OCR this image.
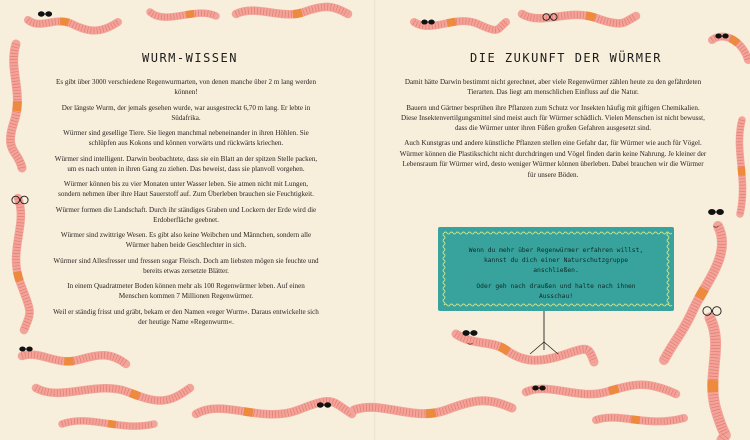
WURM-WISSEN

Es gibt über 3000 verschiedene Regenwurmarten, von denen manche über 2 m lang werden können!

Der längste Wurm, der jemals gesehen wurde, war ausgestreckt 6,70 m lang. Er lebte in Südafrika.

Würmer sind gesellige Tiere. Sie liegen manchmal nebeneinander in ihren Höhlen. Sie schlüpfen aus Kokons und können vorwärts und rückwärts kriechen.

Würmer sind intelligent. Darwin beobachtete, dass sie ein Blatt an der spitzen Stelle packen, um es nach unten in ihren Gang zu ziehen. Das beweist, dass sie planvoll vorgehen.

Würmer können bis zu vier Monaten unter Wasser leben. Sie atmen nicht mit Lungen, sondern nehmen über ihre Haut Sauerstoff auf. Zum Überleben brauchen sie Feuchtigkeit.

Würmer formen die Landschaft. Durch ihr ständiges Graben und Lockern der Erde wird die Erdoberfläche geebnet.

Würmer sind zwittrige Wesen. Es gibt also keine Weibchen und Männchen, sondern alle Würmer haben beide Geschlechter in sich.

Würmer sind Allesfresser und fressen sogar Fleisch. Doch am liebsten mögen sie feuchte und bereits etwas zersetzte Blätter.

In einem Quadratmeter Boden können mehr als 100 Regenwürmer leben. Auf einen Menschen kommen 7 Millionen Regenwürmer.

Weil er ständig frisst und gräbt, bekam er den Namen »reger Wurm«. Daraus entwickelte sich der heutige Name »Regenwurm«.

DIE ZUKUNFT DER WÜRMER

Damit hätte Darwin bestimmt nicht gerechnet, aber viele Regenwürmer zählen heute zu den gefährdeten Tierarten. Das liegt am menschlichen Einfluss auf die Natur.

Bauern und Gärtner besprühen ihre Pflanzen zum Schutz vor Insekten häufig mit giftigen Chemikalien. Diese Insektenvertilgungsmittel sind meist auch für Würmer schädlich. Vielen Menschen ist nicht bewusst, dass die Würmer unter ihren Füßen großen Gefahren ausgesetzt sind.

Auch Kunstgras und andere künstliche Pflanzen stellen eine Gefahr dar, für Würmer wie auch für Vögel. Würmer können die Plastikschicht nicht durchdringen und Vögel finden darin keine Nahrung. Je kleiner der Lebensraum für Würmer wird, desto weniger Würmer können überleben. Dabei brauchen wir die Würmer für unsere Böden.

Wenn du mehr über Regenwürmer erfahren willst, kannst du dich einer Naturschutzgruppe anschließen.

Oder geh nach draußen und halte nach ihnen Ausschau!
